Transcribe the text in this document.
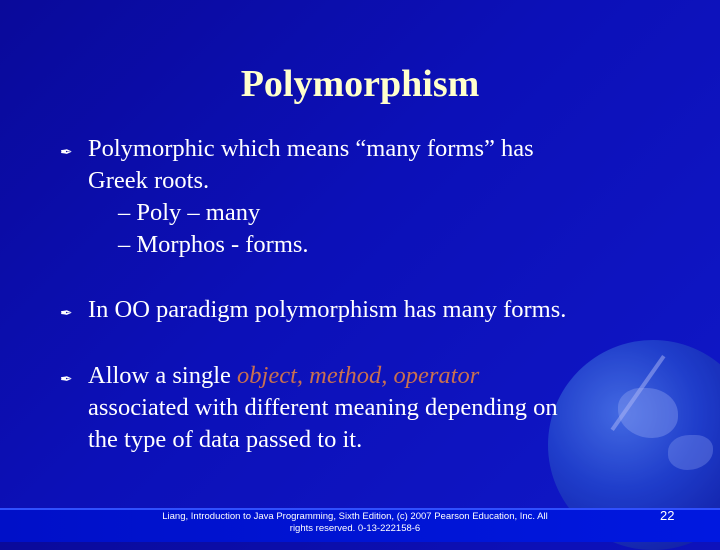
Polymorphism
✒ Polymorphic which means “many forms” has
Greek roots.
– Poly – many
– Morphos - forms.
✒ In OO paradigm polymorphism has many forms.
✒ Allow a single object, method, operator
associated with different meaning depending on
the type of data passed to it.
Liang, Introduction to Java Programming, Sixth Edition, (c) 2007 Pearson Education, Inc. All
rights reserved. 0-13-222158-6
22
